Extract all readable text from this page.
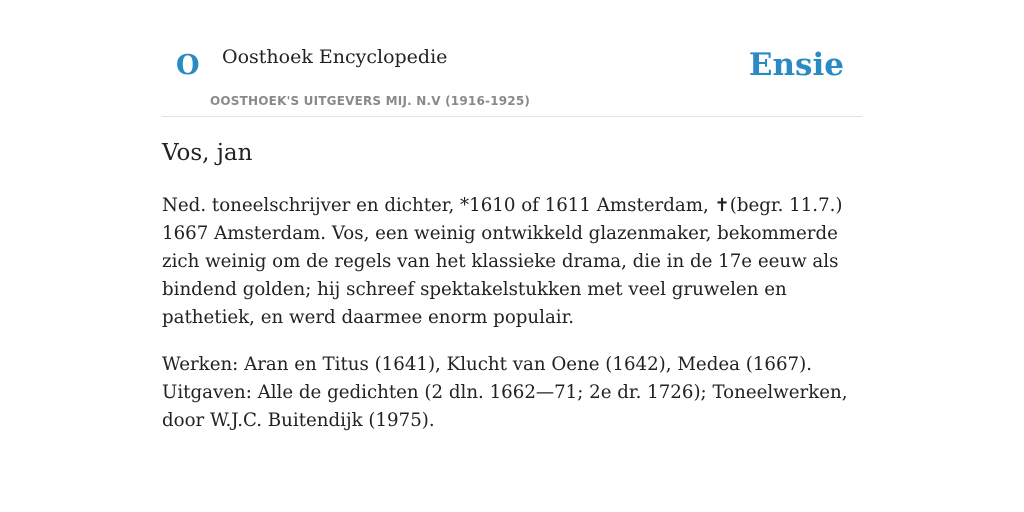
O Oosthoek Encyclopedie
OOSTHOEK'S UITGEVERS MIJ. N.V (1916-1925)
Ensie
Vos, jan

Ned. toneelschrijver en dichter, *1610 of 1611 Amsterdam, ✝(begr. 11.7.) 1667 Amsterdam. Vos, een weinig ontwikkeld glazenmaker, bekommerde zich weinig om de regels van het klassieke drama, die in de 17e eeuw als bindend golden; hij schreef spektakelstukken met veel gruwelen en pathetiek, en werd daarmee enorm populair.

Werken: Aran en Titus (1641), Klucht van Oene (1642), Medea (1667). Uitgaven: Alle de gedichten (2 dln. 1662—71; 2e dr. 1726); Toneelwerken, door W.J.C. Buitendijk (1975).
